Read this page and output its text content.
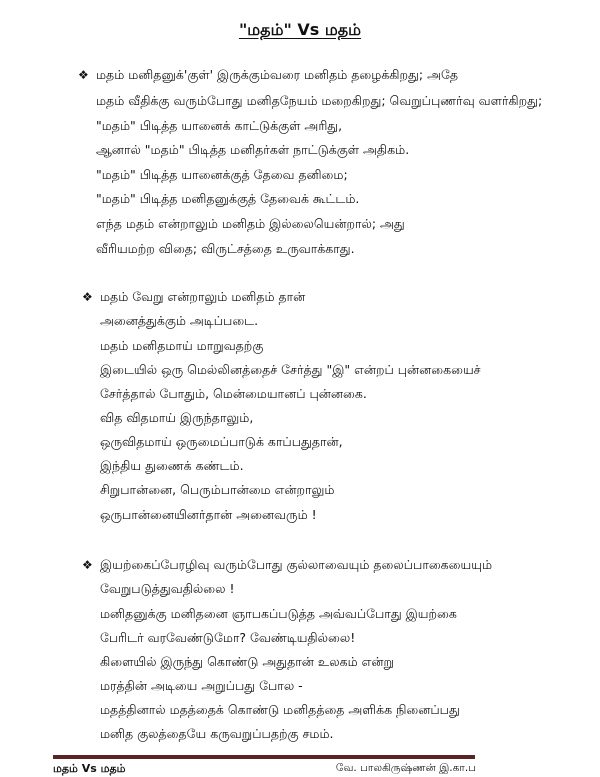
"மதம்" Vs மதம்
❖ மதம் மனிதனுக்'குள்' இருக்கும்வரை மனிதம் தழைக்கிறது; அதே
மதம் வீதிக்கு வரும்போது மனிதநேயம் மறைகிறது; வெறுப்புணர்வு வளர்கிறது;
"மதம்" பிடித்த யானைக் காட்டுக்குள் அரிது,
ஆனால் "மதம்" பிடித்த மனிதர்கள் நாட்டுக்குள் அதிகம்.
"மதம்" பிடித்த யானைக்குத் தேவை தனிமை;
"மதம்" பிடித்த மனிதனுக்குத் தேவைக் கூட்டம்.
எந்த மதம் என்றாலும் மனிதம் இல்லையென்றால்; அது
வீரியமற்ற விதை; விருட்சத்தை உருவாக்காது.
❖ மதம் வேறு என்றாலும் மனிதம் தான்
அனைத்துக்கும் அடிப்படை.
மதம் மனிதமாய் மாறுவதற்கு
இடையில் ஒரு மெல்லினத்தைச் சேர்த்து "இ" என்றப் புன்னகையைச்
சேர்த்தால் போதும், மென்மையானப் புன்னகை.
வித விதமாய் இருந்தாலும்,
ஒருவிதமாய் ஒருமைப்பாடுக் காப்பதுதான்,
இந்திய துணைக் கண்டம்.
சிறுபான்னை, பெரும்பான்மை என்றாலும்
ஒருபான்னையினர்தான் அனைவரும் !
❖ இயற்கைப்பேரழிவு வரும்போது குல்லாவையும் தலைப்பாகையையும்
வேறுபடுத்துவதில்லை !
மனிதனுக்கு மனிதனை ஞாபகப்படுத்த அவ்வப்போது இயற்கை
பேரிடர் வரவேண்டுமோ? வேண்டியதில்லை!
கிளையில் இருந்து கொண்டு அதுதான் உலகம் என்று
மரத்தின் அடியை அறுப்பது போல -
மதத்தினால் மதத்தைக் கொண்டு மனிதத்தை அளிக்க நினைப்பது
மனித குலத்தையே கருவறுப்பதற்கு சமம்.
மதம் Vs மதம்	வே. பாலகிருஷ்ணன் இ.கா.ப
